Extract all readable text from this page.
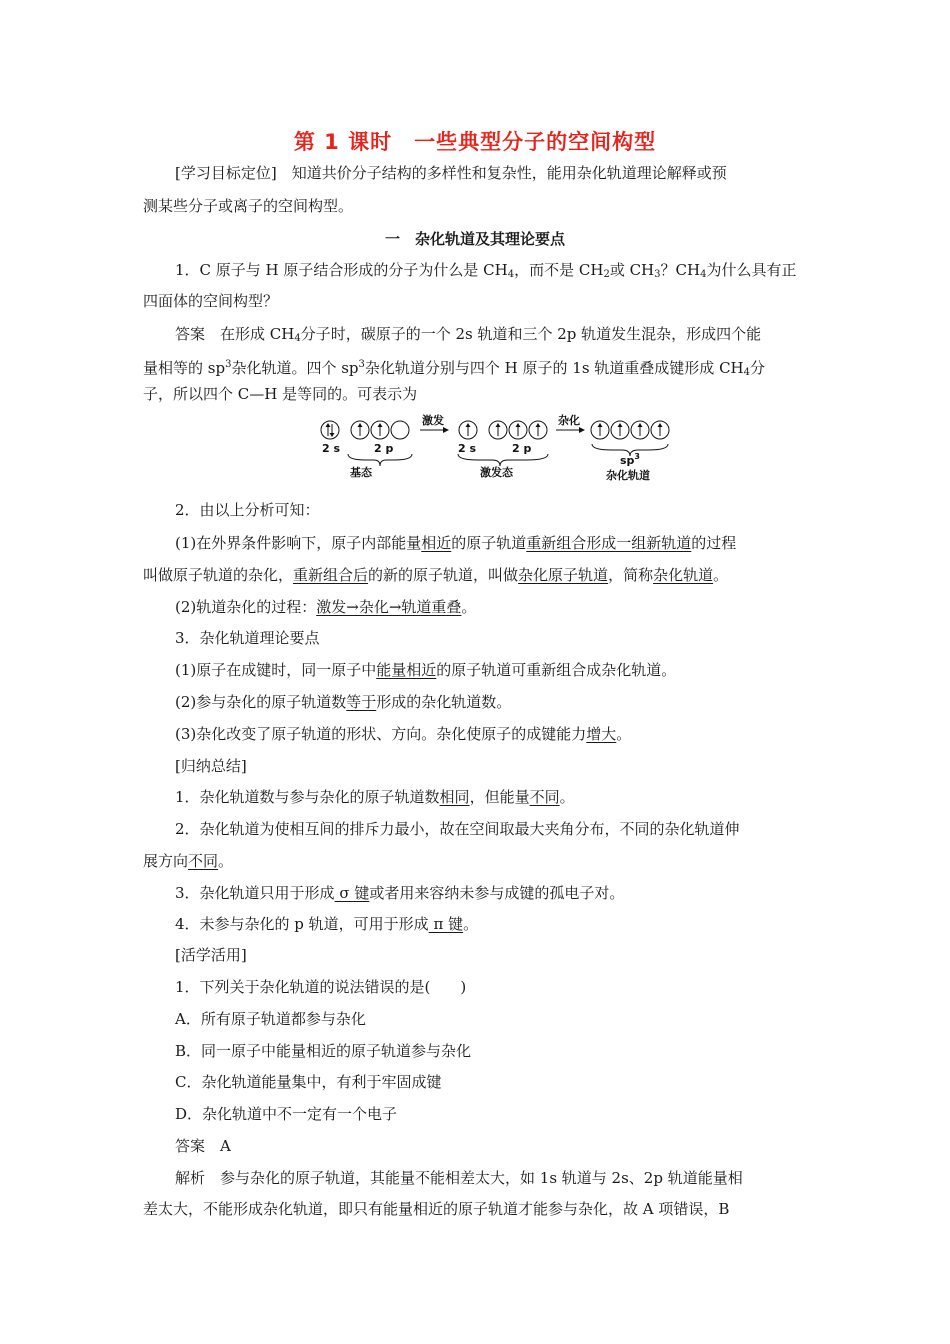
第 1 课时　一些典型分子的空间构型
[学习目标定位]　 知道共价分子结构的多样性和复杂性，能用杂化轨道理论解释或预
测某些分子或离子的空间构型。
一　杂化轨道及其理论要点
1．C 原子与 H 原子结合形成的分子为什么是 $CH_4$，而不是 $CH_2$或 $CH_3$？$CH_4$为什么具有正
四面体的空间构型？
答案　在形成 $CH_4$分子时，碳原子的一个 2s 轨道和三个 2p 轨道发生混杂，形成四个能
量相等的 $sp^3$杂化轨道。四个 $sp^3$杂化轨道分别与四个 H 原子的 1s 轨道重叠成键形成 $CH_4$分
子，所以四个 C—H 是等同的。可表示为
2 s	2 p
基态
激发
2 s	2 p
激发态
杂化
$sp^3$
杂化轨道
2．由以上分析可知：
(1)在外界条件影响下，原子内部能量相近的原子轨道重新组合形成一组新轨道的过程
叫做原子轨道的杂化，重新组合后的新的原子轨道，叫做杂化原子轨道，简称杂化轨道。
(2)轨道杂化的过程：激发→杂化→轨道重叠。
3．杂化轨道理论要点
(1)原子在成键时，同一原子中能量相近的原子轨道可重新组合成杂化轨道。
(2)参与杂化的原子轨道数等于形成的杂化轨道数。
(3)杂化改变了原子轨道的形状、方向。杂化使原子的成键能力增大。
[归纳总结]
1．杂化轨道数与参与杂化的原子轨道数相同，但能量不同。
2．杂化轨道为使相互间的排斥力最小，故在空间取最大夹角分布，不同的杂化轨道伸
展方向不同。
3．杂化轨道只用于形成 σ 键或者用来容纳未参与成键的孤电子对。
4．未参与杂化的 p 轨道，可用于形成 π 键。
[活学活用]
1．下列关于杂化轨道的说法错误的是(　　)
A．所有原子轨道都参与杂化
B．同一原子中能量相近的原子轨道参与杂化
C．杂化轨道能量集中，有利于牢固成键
D．杂化轨道中不一定有一个电子
答案　A
解析　参与杂化的原子轨道，其能量不能相差太大，如 1s 轨道与 2s、2p 轨道能量相
差太大，不能形成杂化轨道，即只有能量相近的原子轨道才能参与杂化，故 A 项错误，B
